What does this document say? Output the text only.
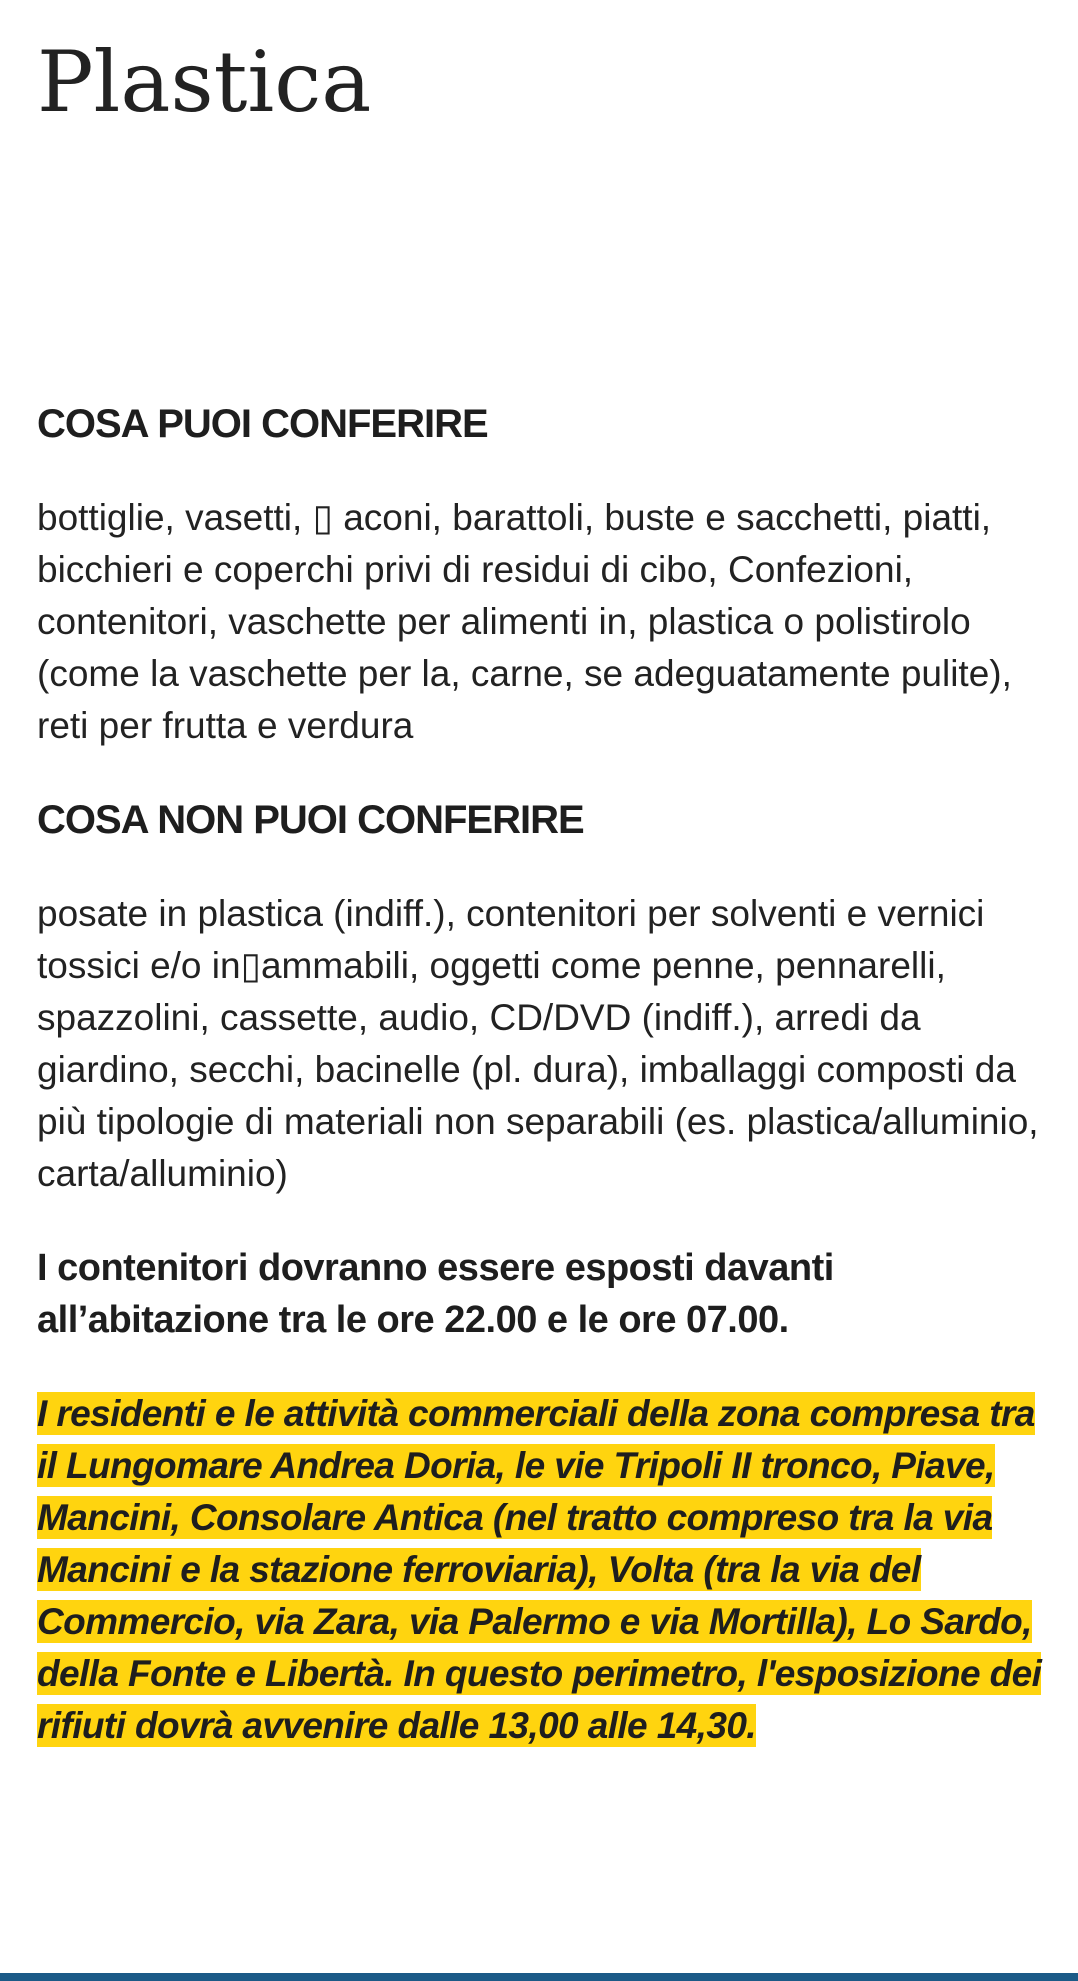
Plastica
COSA PUOI CONFERIRE

bottiglie, vasetti, ▯ aconi, barattoli, buste e sacchetti, piatti, bicchieri e coperchi privi di residui di cibo, Confezioni, contenitori, vaschette per alimenti in, plastica o polistirolo (come la vaschette per la, carne, se adeguatamente pulite), reti per frutta e verdura

COSA NON PUOI CONFERIRE

posate in plastica (indiff.), contenitori per solventi e vernici tossici e/o in▯ammabili, oggetti come penne, pennarelli, spazzolini, cassette, audio, CD/DVD (indiff.), arredi da giardino, secchi, bacinelle (pl. dura), imballaggi composti da più tipologie di materiali non separabili (es. plastica/alluminio, carta/alluminio)

I contenitori dovranno essere esposti davanti all’abitazione tra le ore 22.00 e le ore 07.00.

I residenti e le attività commerciali della zona compresa tra il Lungomare Andrea Doria, le vie Tripoli II tronco, Piave, Mancini, Consolare Antica (nel tratto compreso tra la via Mancini e la stazione ferroviaria), Volta (tra la via del Commercio, via Zara, via Palermo e via Mortilla), Lo Sardo, della Fonte e Libertà. In questo perimetro, l'esposizione dei rifiuti dovrà avvenire dalle 13,00 alle 14,30.
